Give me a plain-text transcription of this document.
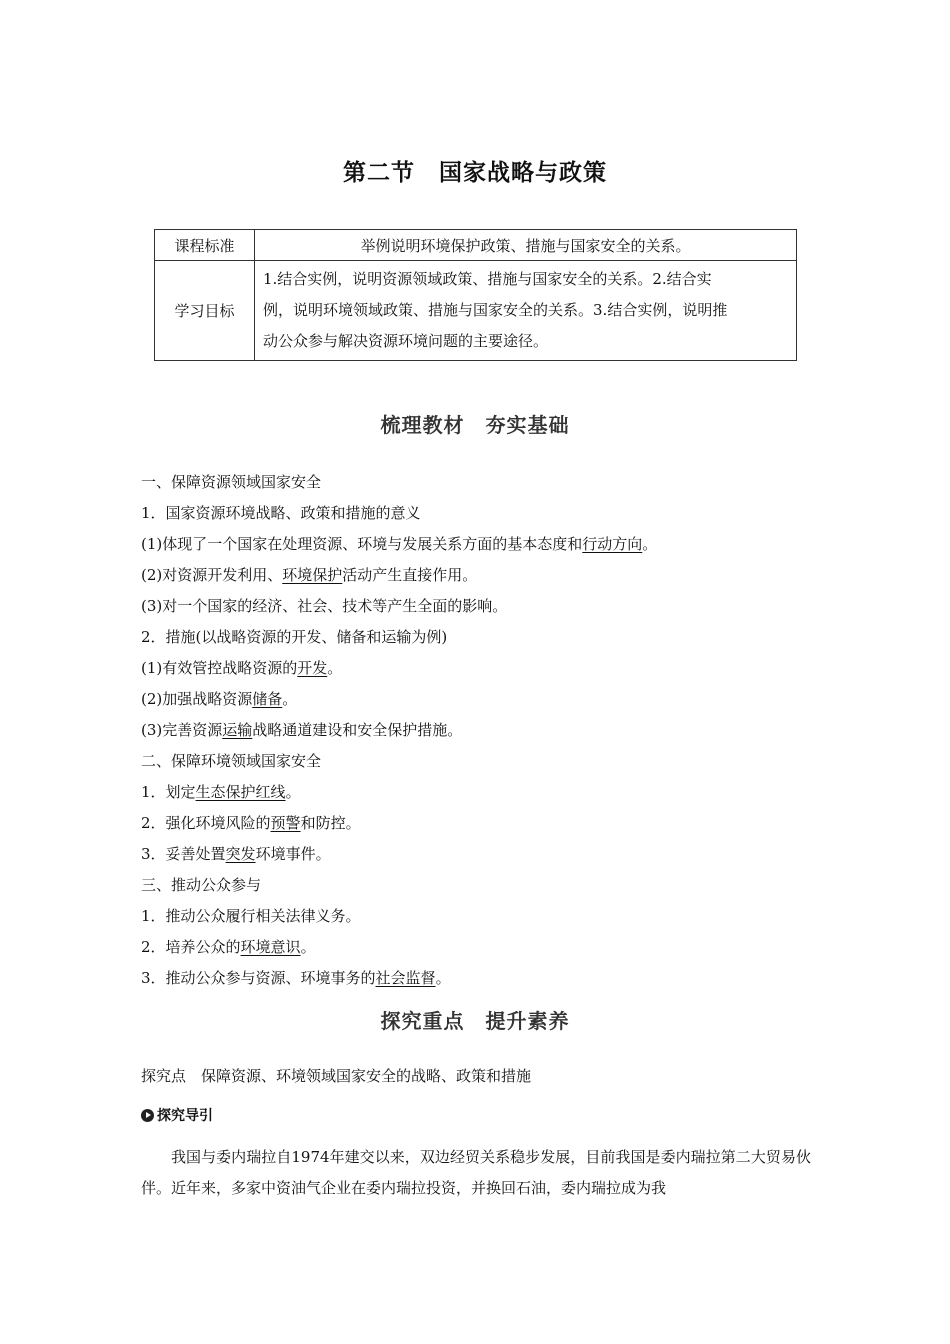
第二节　国家战略与政策
课程标准	举例说明环境保护政策、措施与国家安全的关系。
学习目标	1.结合实例，说明资源领域政策、措施与国家安全的关系。2.结合实
例，说明环境领域政策、措施与国家安全的关系。3.结合实例，说明推
动公众参与解决资源环境问题的主要途径。
梳理教材　夯实基础
一、保障资源领域国家安全
1．国家资源环境战略、政策和措施的意义
(1)体现了一个国家在处理资源、环境与发展关系方面的基本态度和行动方向。
(2)对资源开发利用、环境保护活动产生直接作用。
(3)对一个国家的经济、社会、技术等产生全面的影响。
2．措施(以战略资源的开发、储备和运输为例)
(1)有效管控战略资源的开发。
(2)加强战略资源储备。
(3)完善资源运输战略通道建设和安全保护措施。
二、保障环境领域国家安全
1．划定生态保护红线。
2．强化环境风险的预警和防控。
3．妥善处置突发环境事件。
三、推动公众参与
1．推动公众履行相关法律义务。
2．培养公众的环境意识。
3．推动公众参与资源、环境事务的社会监督。
探究重点　提升素养
探究点　保障资源、环境领域国家安全的战略、政策和措施
探究导引
我国与委内瑞拉自1974年建交以来，双边经贸关系稳步发展，目前我国是委内瑞拉第二大贸易伙伴。近年来，多家中资油气企业在委内瑞拉投资，并换回石油，委内瑞拉成为我
